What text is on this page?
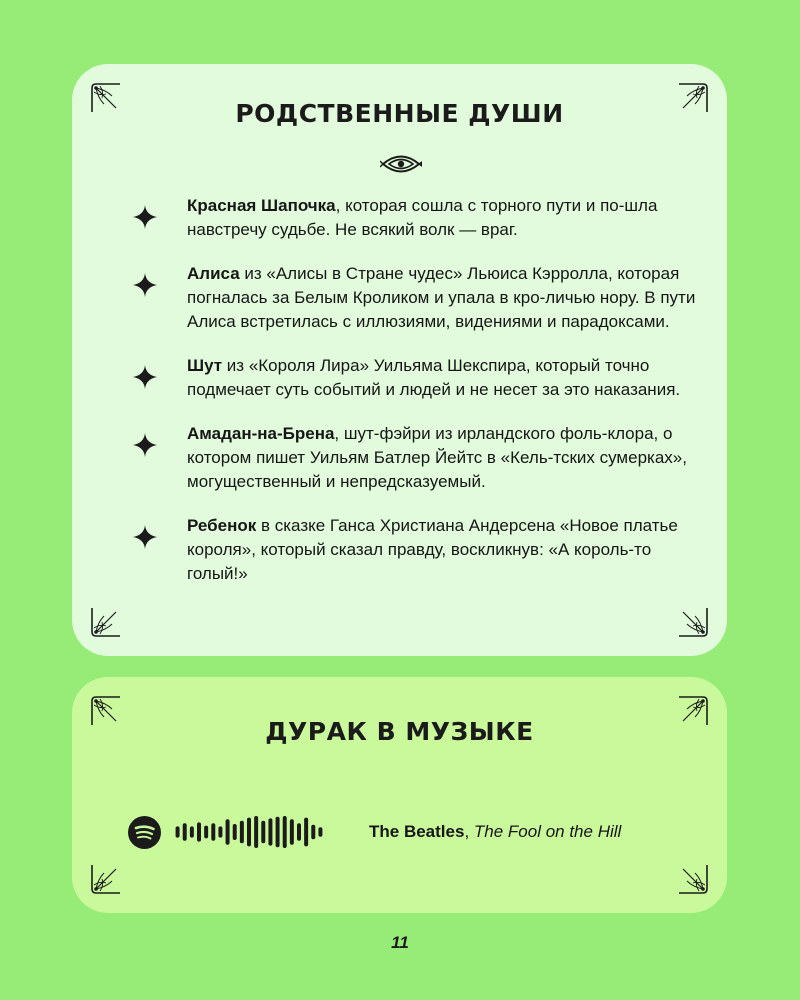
РОДСТВЕННЫЕ ДУШИ
Красная Шапочка, которая сошла с торного пути и по-шла навстречу судьбе. Не всякий волк — враг.
Алиса из «Алисы в Стране чудес» Льюиса Кэрролла, которая погналась за Белым Кроликом и упала в кро-личью нору. В пути Алиса встретилась с иллюзиями, видениями и парадоксами.
Шут из «Короля Лира» Уильяма Шекспира, который точно подмечает суть событий и людей и не несет за это наказания.
Амадан-на-Брена, шут-фэйри из ирландского фоль-клора, о котором пишет Уильям Батлер Йейтс в «Кель-тских сумерках», могущественный и непредсказуемый.
Ребенок в сказке Ганса Христиана Андерсена «Новое платье короля», который сказал правду, воскликнув: «А король-то голый!»
ДУРАК В МУЗЫКЕ
The Beatles, The Fool on the Hill
11
